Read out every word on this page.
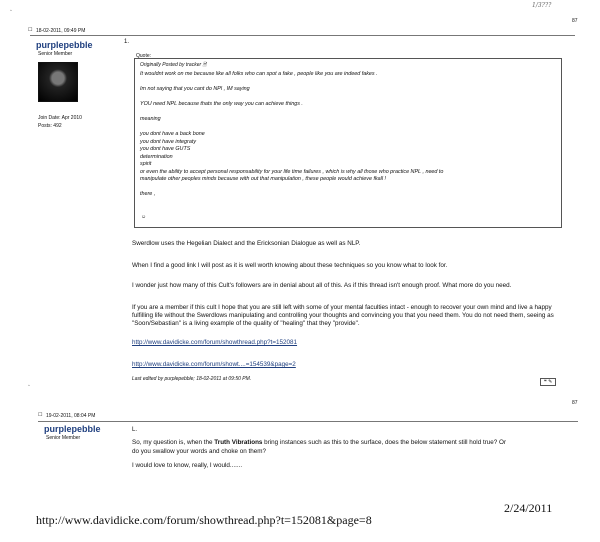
1/3???
87
◦
☐ 18-02-2011, 09:49 PM
purplepebble
Senior Member
Join Date: Apr 2010
Posts: 492
1.
Quote:
Originally Posted by tracker 🗎
It wouldnt work on me because like all folks who can spot a fake , people like you are indeed fakes .
Im not saying that you cant do NPl , IM saying
YOU need NPL because thats the only way you can achieve things .
meaning
you dont have a back bone
you dont have integraty
you dont have GUTS
determination
spirit
or even the ability to accept personal responsability for your life time failures , which is why all those who practice NPL , need to
manipulate other peoples minds because with out that manipulation , these people would achieve fkall !
there ,
☺
Swerdlow uses the Hegelian Dialect and the Ericksonian Dialogue as well as NLP.
When I find a good link I will post as it is well worth knowing about these techniques so you know what to look for.
I wonder just how many of this Cult's followers are in denial about all of this. As if this thread isn't enough proof. What more do you need.
If you are a member if this cult I hope that you are still left with some of your mental faculties intact - enough to recover your own mind and live a happy fulfilling life without the Swerdlows manipulating and controlling your thoughts and convincing you that you need them. You do not need them, seeing as "Soon/Sebastian" is a living example of the quality of "healing" that they "provide".
http://www.davidicke.com/forum/showthread.php?t=152081
http://www.davidicke.com/forum/showt....=154539&page=2
Last edited by purplepebble; 18-02-2011 at 09:50 PM.	❝ ✎
◦
87
☐ 19-02-2011, 08:04 PM
purplepebble
Senior Member
L.
So, my question is, when the Truth Vibrations bring instances such as this to the surface, does the below statement still hold true? Or
do you swallow your words and choke on them?
I would love to know, really, I would.......
http://www.davidicke.com/forum/showthread.php?t=152081&page=8
2/24/2011
